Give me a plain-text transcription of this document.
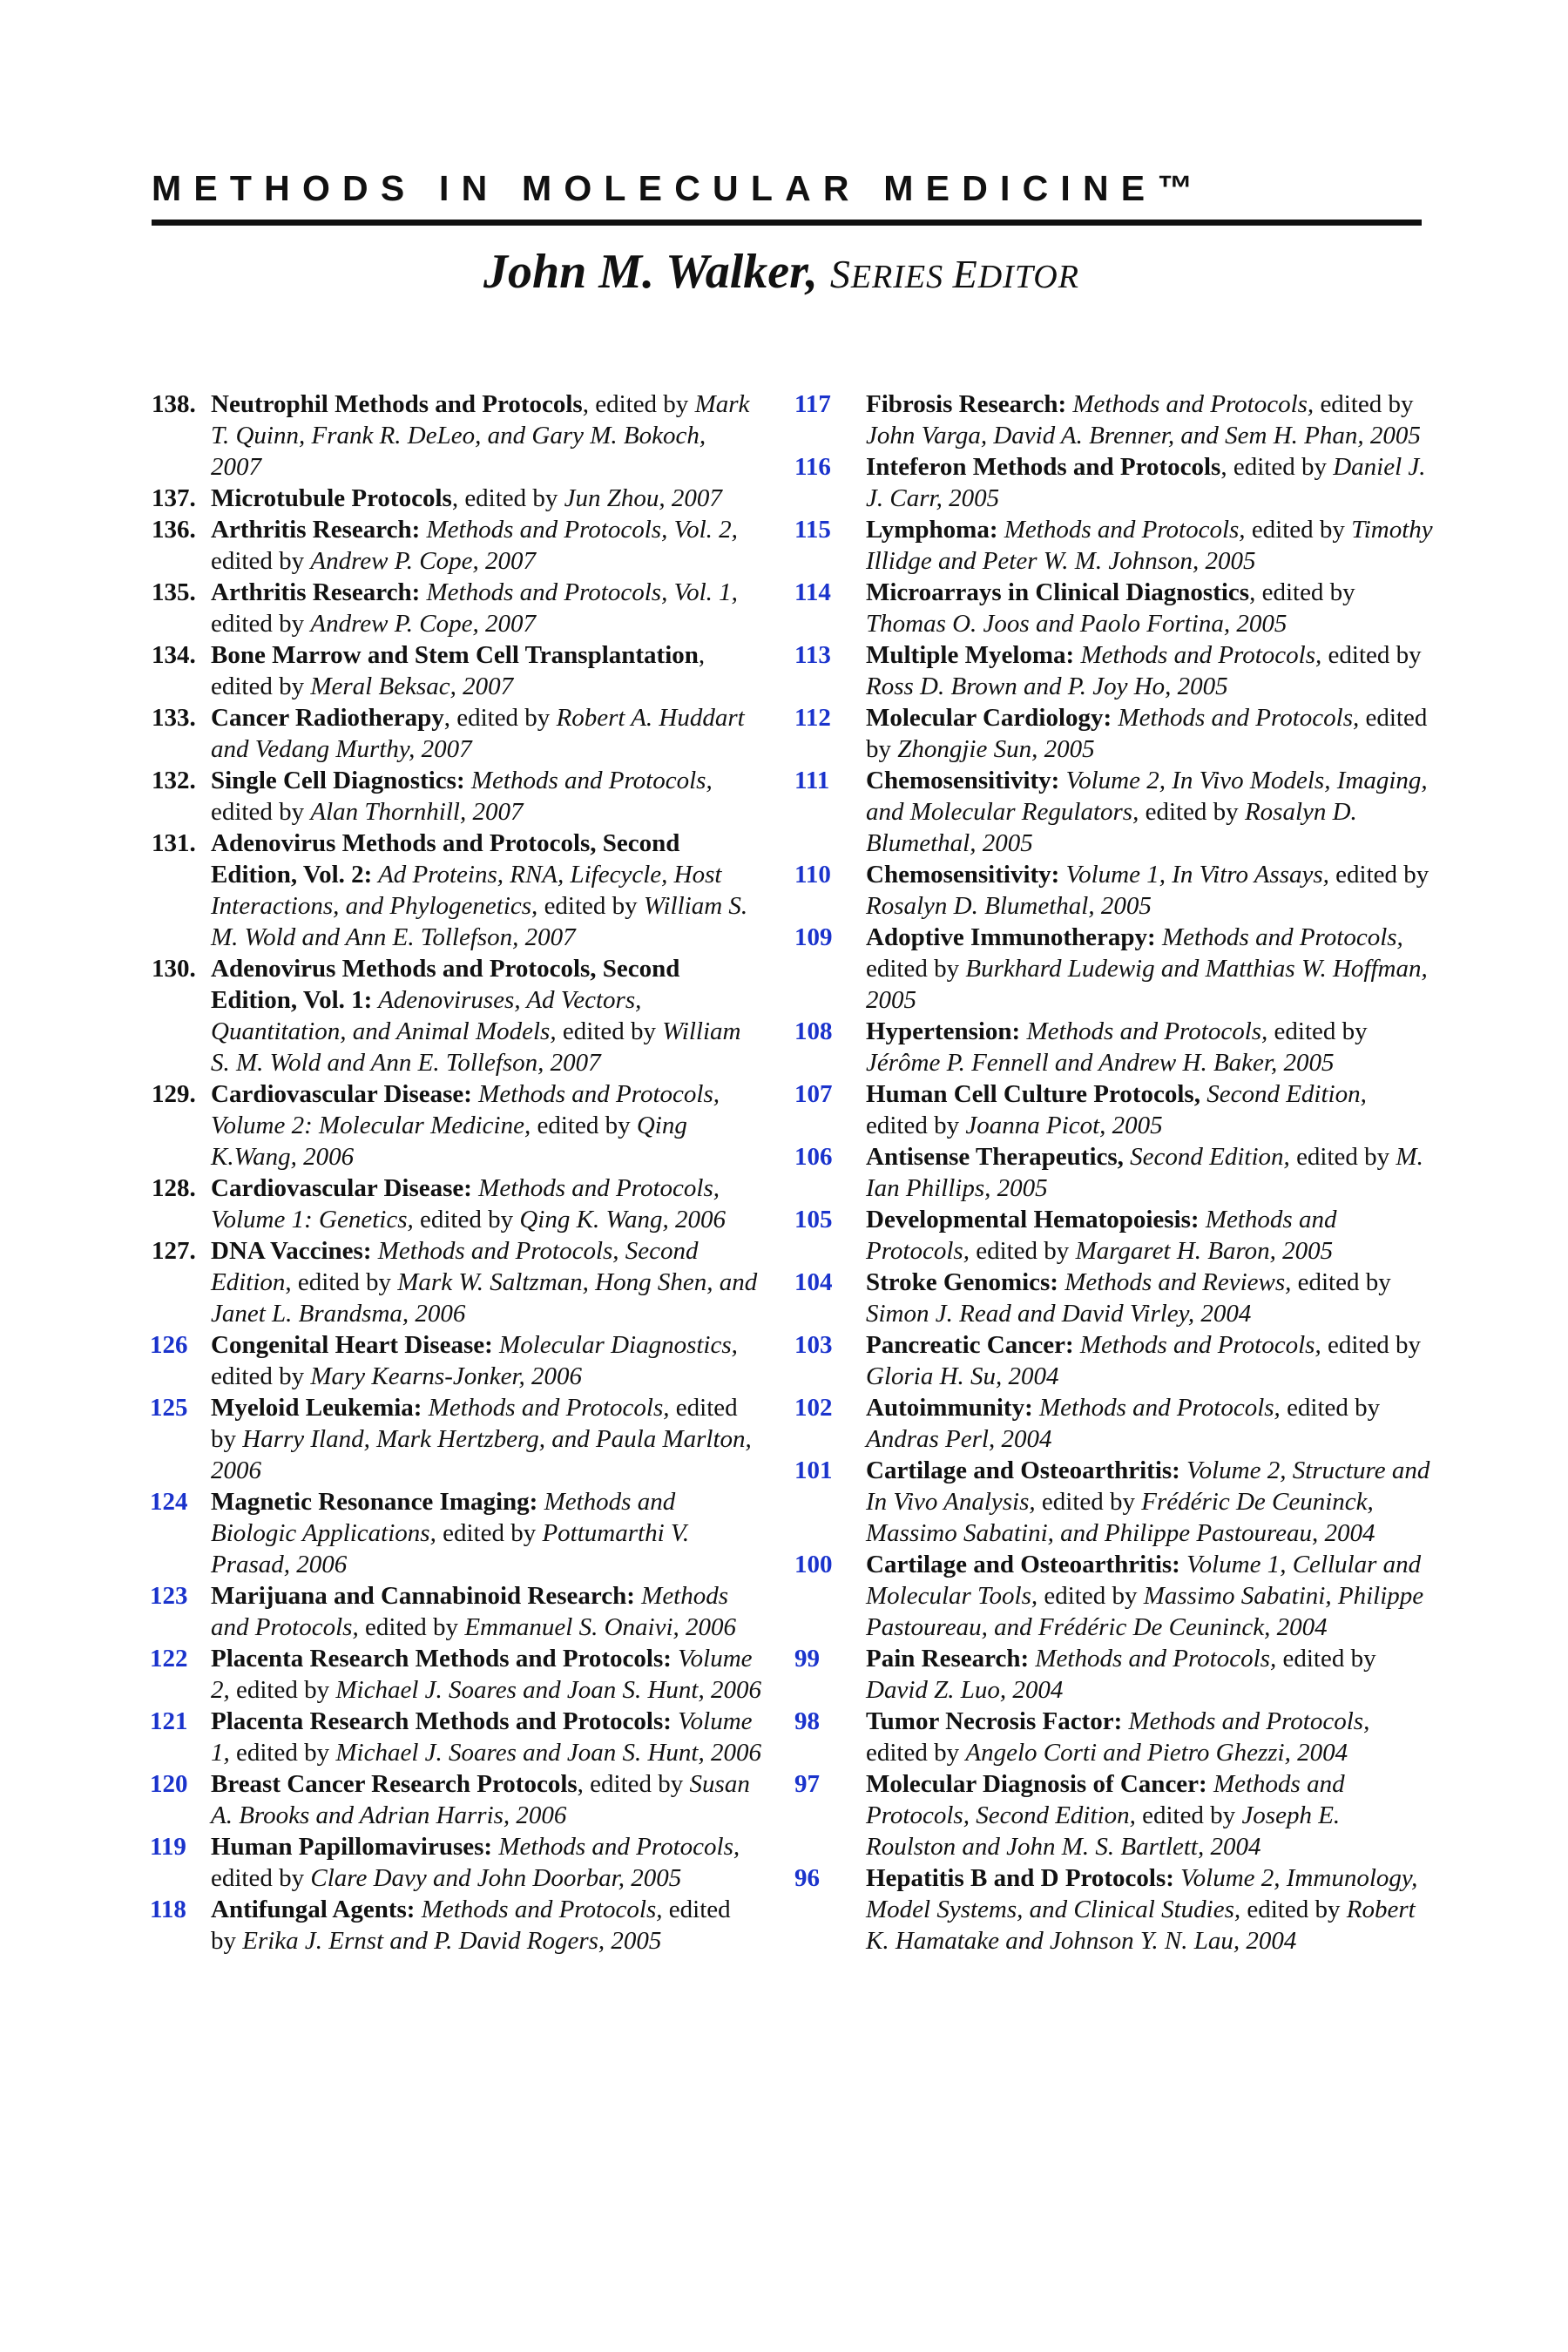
METHODS IN MOLECULAR MEDICINE™
John M. Walker, SERIES EDITOR
138. Neutrophil Methods and Protocols, edited by Mark T. Quinn, Frank R. DeLeo, and Gary M. Bokoch, 2007
137. Microtubule Protocols, edited by Jun Zhou, 2007
136. Arthritis Research: Methods and Protocols, Vol. 2, edited by Andrew P. Cope, 2007
135. Arthritis Research: Methods and Protocols, Vol. 1, edited by Andrew P. Cope, 2007
134. Bone Marrow and Stem Cell Transplantation, edited by Meral Beksac, 2007
133. Cancer Radiotherapy, edited by Robert A. Huddart and Vedang Murthy, 2007
132. Single Cell Diagnostics: Methods and Protocols, edited by Alan Thornhill, 2007
131. Adenovirus Methods and Protocols, Second Edition, Vol. 2: Ad Proteins, RNA, Lifecycle, Host Interactions, and Phylogenetics, edited by William S. M. Wold and Ann E. Tollefson, 2007
130. Adenovirus Methods and Protocols, Second Edition, Vol. 1: Adenoviruses, Ad Vectors, Quantitation, and Animal Models, edited by William S. M. Wold and Ann E. Tollefson, 2007
129. Cardiovascular Disease: Methods and Protocols, Volume 2: Molecular Medicine, edited by Qing K.Wang, 2006
128. Cardiovascular Disease: Methods and Protocols, Volume 1: Genetics, edited by Qing K. Wang, 2006
127. DNA Vaccines: Methods and Protocols, Second Edition, edited by Mark W. Saltzman, Hong Shen, and Janet L. Brandsma, 2006
126 Congenital Heart Disease: Molecular Diagnostics, edited by Mary Kearns-Jonker, 2006
125 Myeloid Leukemia: Methods and Protocols, edited by Harry Iland, Mark Hertzberg, and Paula Marlton, 2006
124 Magnetic Resonance Imaging: Methods and Biologic Applications, edited by Pottumarthi V. Prasad, 2006
123 Marijuana and Cannabinoid Research: Methods and Protocols, edited by Emmanuel S. Onaivi, 2006
122 Placenta Research Methods and Protocols: Volume 2, edited by Michael J. Soares and Joan S. Hunt, 2006
121 Placenta Research Methods and Protocols: Volume 1, edited by Michael J. Soares and Joan S. Hunt, 2006
120 Breast Cancer Research Protocols, edited by Susan A. Brooks and Adrian Harris, 2006
119 Human Papillomaviruses: Methods and Protocols, edited by Clare Davy and John Doorbar, 2005
118 Antifungal Agents: Methods and Protocols, edited by Erika J. Ernst and P. David Rogers, 2005
117 Fibrosis Research: Methods and Protocols, edited by John Varga, David A. Brenner, and Sem H. Phan, 2005
116 Inteferon Methods and Protocols, edited by Daniel J. J. Carr, 2005
115 Lymphoma: Methods and Protocols, edited by Timothy Illidge and Peter W. M. Johnson, 2005
114 Microarrays in Clinical Diagnostics, edited by Thomas O. Joos and Paolo Fortina, 2005
113 Multiple Myeloma: Methods and Protocols, edited by Ross D. Brown and P. Joy Ho, 2005
112 Molecular Cardiology: Methods and Protocols, edited by Zhongjie Sun, 2005
111 Chemosensitivity: Volume 2, In Vivo Models, Imaging, and Molecular Regulators, edited by Rosalyn D. Blumethal, 2005
110 Chemosensitivity: Volume 1, In Vitro Assays, edited by Rosalyn D. Blumethal, 2005
109 Adoptive Immunotherapy: Methods and Protocols, edited by Burkhard Ludewig and Matthias W. Hoffman, 2005
108 Hypertension: Methods and Protocols, edited by Jérôme P. Fennell and Andrew H. Baker, 2005
107 Human Cell Culture Protocols, Second Edition, edited by Joanna Picot, 2005
106 Antisense Therapeutics, Second Edition, edited by M. Ian Phillips, 2005
105 Developmental Hematopoiesis: Methods and Protocols, edited by Margaret H. Baron, 2005
104 Stroke Genomics: Methods and Reviews, edited by Simon J. Read and David Virley, 2004
103 Pancreatic Cancer: Methods and Protocols, edited by Gloria H. Su, 2004
102 Autoimmunity: Methods and Protocols, edited by Andras Perl, 2004
101 Cartilage and Osteoarthritis: Volume 2, Structure and In Vivo Analysis, edited by Frédéric De Ceuninck, Massimo Sabatini, and Philippe Pastoureau, 2004
100 Cartilage and Osteoarthritis: Volume 1, Cellular and Molecular Tools, edited by Massimo Sabatini, Philippe Pastoureau, and Frédéric De Ceuninck, 2004
99 Pain Research: Methods and Protocols, edited by David Z. Luo, 2004
98 Tumor Necrosis Factor: Methods and Protocols, edited by Angelo Corti and Pietro Ghezzi, 2004
97 Molecular Diagnosis of Cancer: Methods and Protocols, Second Edition, edited by Joseph E. Roulston and John M. S. Bartlett, 2004
96 Hepatitis B and D Protocols: Volume 2, Immunology, Model Systems, and Clinical Studies, edited by Robert K. Hamatake and Johnson Y. N. Lau, 2004
